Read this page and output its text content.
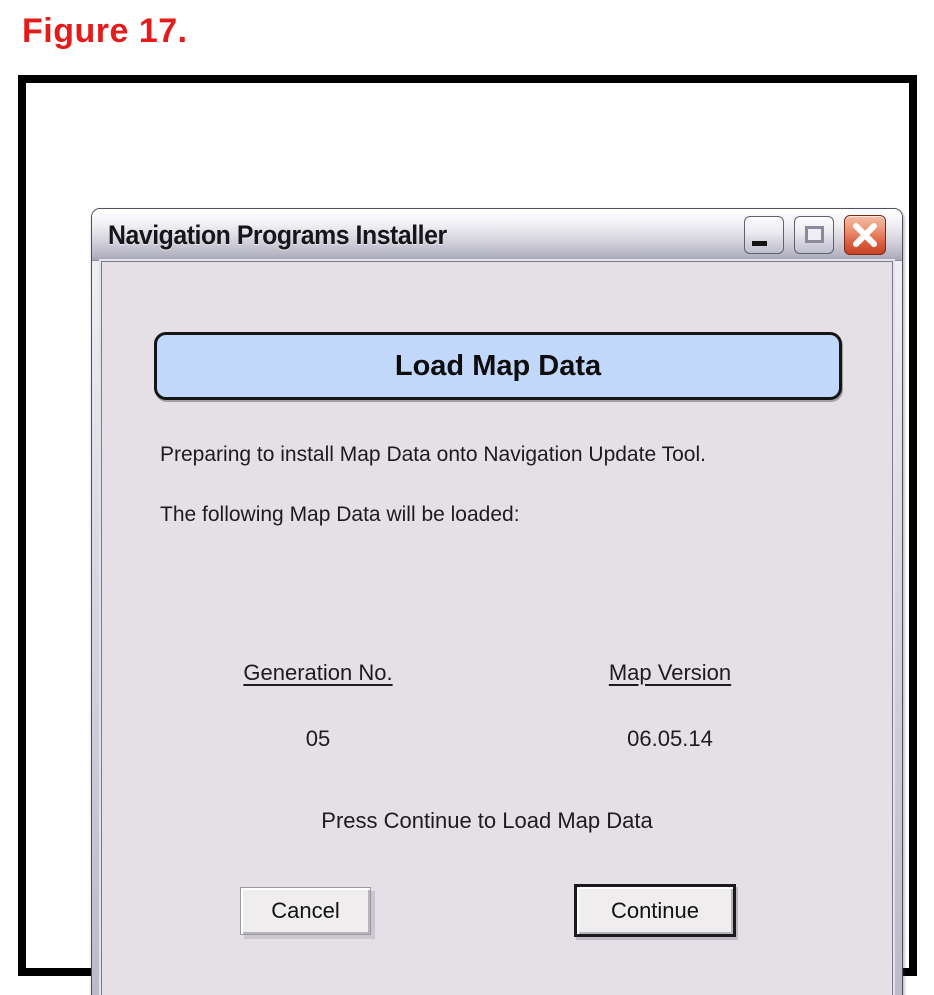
Figure 17.
Navigation Programs Installer
Load Map Data
Preparing to install Map Data onto Navigation Update Tool.
The following Map Data will be loaded:
Generation No.
05
Map Version
06.05.14
Press Continue to Load Map Data
Cancel	Continue
